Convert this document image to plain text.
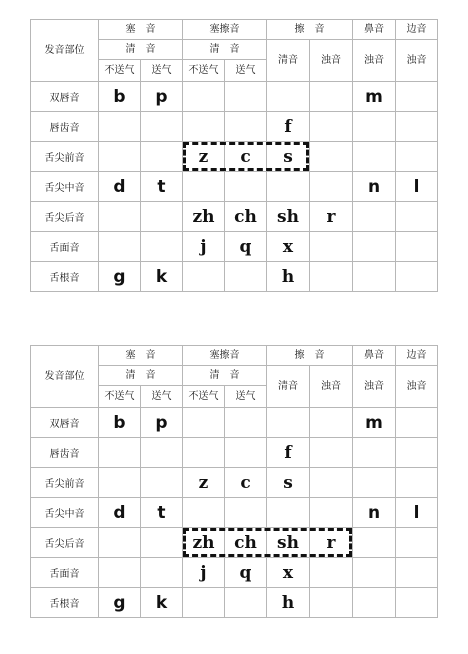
发音部位	塞　音		塞擦音		擦　音		鼻音	边音
	清　音		清　音		清音	浊音	浊音	浊音
	不送气	送气	不送气	送气				
双唇音	b	p					m	
唇齿音					f			
舌尖前音			z	c	s			
舌尖中音	d	t					n	l
舌尖后音			zh	ch	sh	r		
舌面音			j	q	x			
舌根音	g	k			h			
发音部位	塞　音		塞擦音		擦　音		鼻音	边音
	清　音		清　音		清音	浊音	浊音	浊音
	不送气	送气	不送气	送气				
双唇音	b	p					m	
唇齿音					f			
舌尖前音			z	c	s			
舌尖中音	d	t					n	l
舌尖后音			zh	ch	sh	r		
舌面音			j	q	x			
舌根音	g	k			h			
